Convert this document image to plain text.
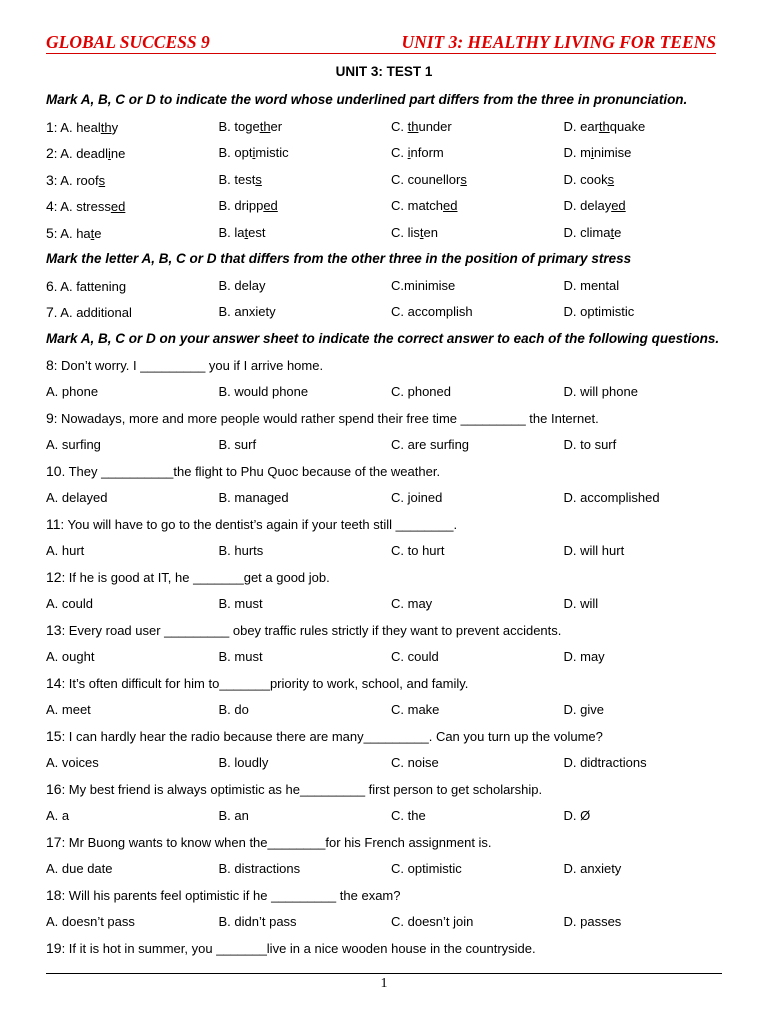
GLOBAL SUCCESS 9	UNIT 3: HEALTHY LIVING FOR TEENS
UNIT 3: TEST 1
Mark A, B, C or D to indicate the word whose underlined part differs from the three in pronunciation.
1: A. healthy	B. together	C. thunder	D. earthquake
2: A. deadline	B. optimistic	C. inform	D. minimise
3: A. roofs	B. tests	C. counellors	D. cooks
4: A. stressed	B. dripped	C. matched	D. delayed
5: A. hate	B. latest	C. listen	D. climate
Mark the letter A, B, C or D that differs from the other three in the position of primary stress
6. A. fattening	B. delay	C.minimise	D. mental
7. A. additional	B. anxiety	C. accomplish	D. optimistic
Mark A, B, C or D on your answer sheet to indicate the correct answer to each of the following questions.
8: Don’t worry. I _________ you if I arrive home.
A. phone	B. would phone	C. phoned	D. will phone
9: Nowadays, more and more people would rather spend their free time _________ the Internet.
A. surfing	B. surf	C. are surfing	D. to surf
10. They __________the flight to Phu Quoc because of the weather.
A. delayed	B. managed	C. joined	D. accomplished
11: You will have to go to the dentist’s again if your teeth still ________.
A. hurt	B. hurts	C. to hurt	D. will hurt
12: If he is good at IT, he _______get a good job.
A. could	B. must	C. may	D. will
13: Every road user _________ obey traffic rules strictly if they want to prevent accidents.
A. ought	B. must	C. could	D. may
14: It’s often difficult for him to_______priority to work, school, and family.
A. meet	B. do	C. make	D. give
15: I can hardly hear the radio because there are many_________. Can you turn up the volume?
A. voices	B. loudly	C. noise	D. didtractions
16: My best friend is always optimistic as he_________ first person to get scholarship.
A. a	B. an	C. the	D. Ø
17: Mr Buong wants to know when the________for his French assignment is.
A. due date	B. distractions	C. optimistic	D. anxiety
18: Will his parents feel optimistic if he _________ the exam?
A. doesn’t pass	B. didn’t pass	C. doesn’t join	D. passes
19: If it is hot in summer, you _______live in a nice wooden house in the countryside.
1
